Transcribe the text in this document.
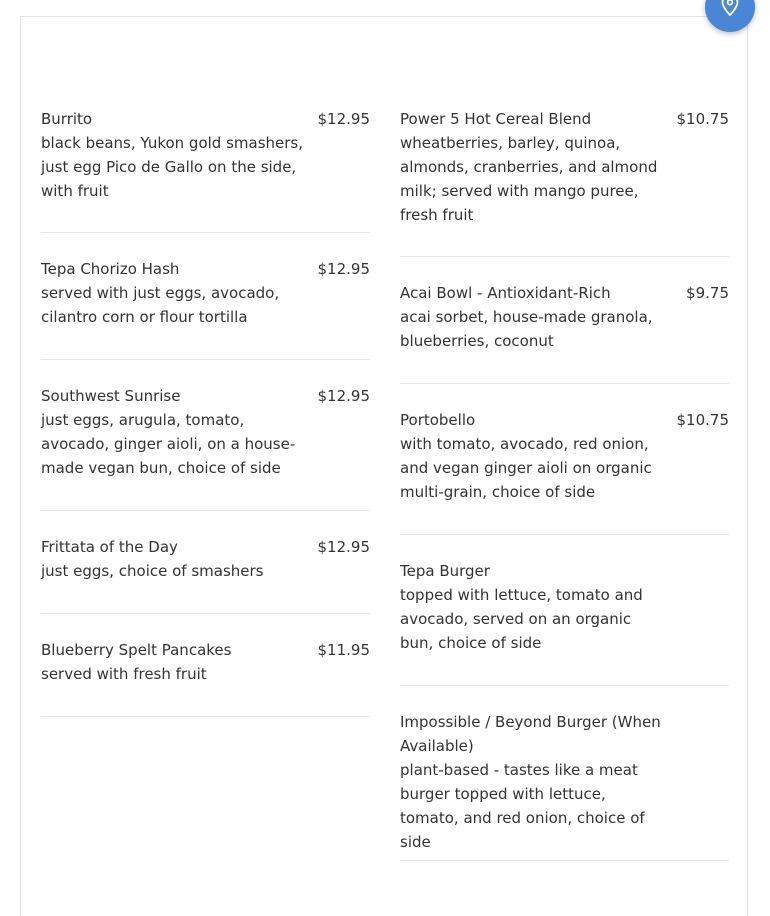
Burrito
black beans, Yukon gold smashers, just egg Pico de Gallo on the side, with fruit
$12.95
Tepa Chorizo Hash
served with just eggs, avocado, cilantro corn or flour tortilla
$12.95
Southwest Sunrise
just eggs, arugula, tomato, avocado, ginger aioli, on a house-made vegan bun, choice of side
$12.95
Frittata of the Day
just eggs, choice of smashers
$12.95
Blueberry Spelt Pancakes
served with fresh fruit
$11.95
Power 5 Hot Cereal Blend
wheatberries, barley, quinoa, almonds, cranberries, and almond milk; served with mango puree, fresh fruit
$10.75
Acai Bowl - Antioxidant-Rich
acai sorbet, house-made granola, blueberries, coconut
$9.75
Portobello
with tomato, avocado, red onion, and vegan ginger aioli on organic multi-grain, choice of side
$10.75
Tepa Burger
topped with lettuce, tomato and avocado, served on an organic bun, choice of side
Impossible / Beyond Burger (When Available)
plant-based - tastes like a meat burger topped with lettuce, tomato, and red onion, choice of side
